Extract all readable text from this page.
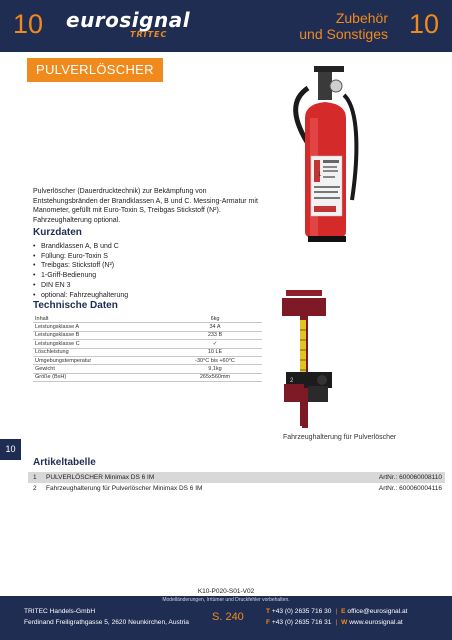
10 eurosignal
TRITEC
Zubehör
und Sonstiges 10
PULVERLÖSCHER
1
2
Pulverlöscher (Dauerdrucktechnik) zur Bekämpfung von Entstehungsbränden der Brandklassen A, B und C. Messing-Armatur mit Manometer, gefüllt mit Euro-Toxin S, Treibgas Stickstoff (N²). Fahrzeughalterung optional.
Kurzdaten
• Brandklassen A, B und C
• Füllung: Euro-Toxin S
• Treibgas: Stickstoff (N²)
• 1-Griff-Bedienung
• DIN EN 3
• optional: Fahrzeughalterung
Technische Daten
Inhalt	6kg
Leistungsklasse A	34 A
Leistungsklasse B	233 B
Leistungsklasse C	✓
Löschleistung	10 LE
Umgebungstemperatur	-30°C bis +60°C
Gewicht	9,1kg
Größe (BxH)	265x560mm
Fahrzeughalterung für Pulverlöscher
10
Artikeltabelle
1 PULVERLÖSCHER Minimax DS 6 IM	ArtNr.: 600060008110
2 Fahrzeughalterung für Pulverlöscher Minimax DS 6 IM	ArtNr.: 600060004116
K10-P020-S01-V02
Modelländerungen, Irrtümer und Druckfehler vorbehalten.
TRITEC Handels-GmbH
Ferdinand Freiligrathgasse 5, 2620 Neunkirchen, Austria S. 240	T +43 (0) 2635 716 30 | E office@eurosignal.at
F +43 (0) 2635 716 31 | W www.eurosignal.at
